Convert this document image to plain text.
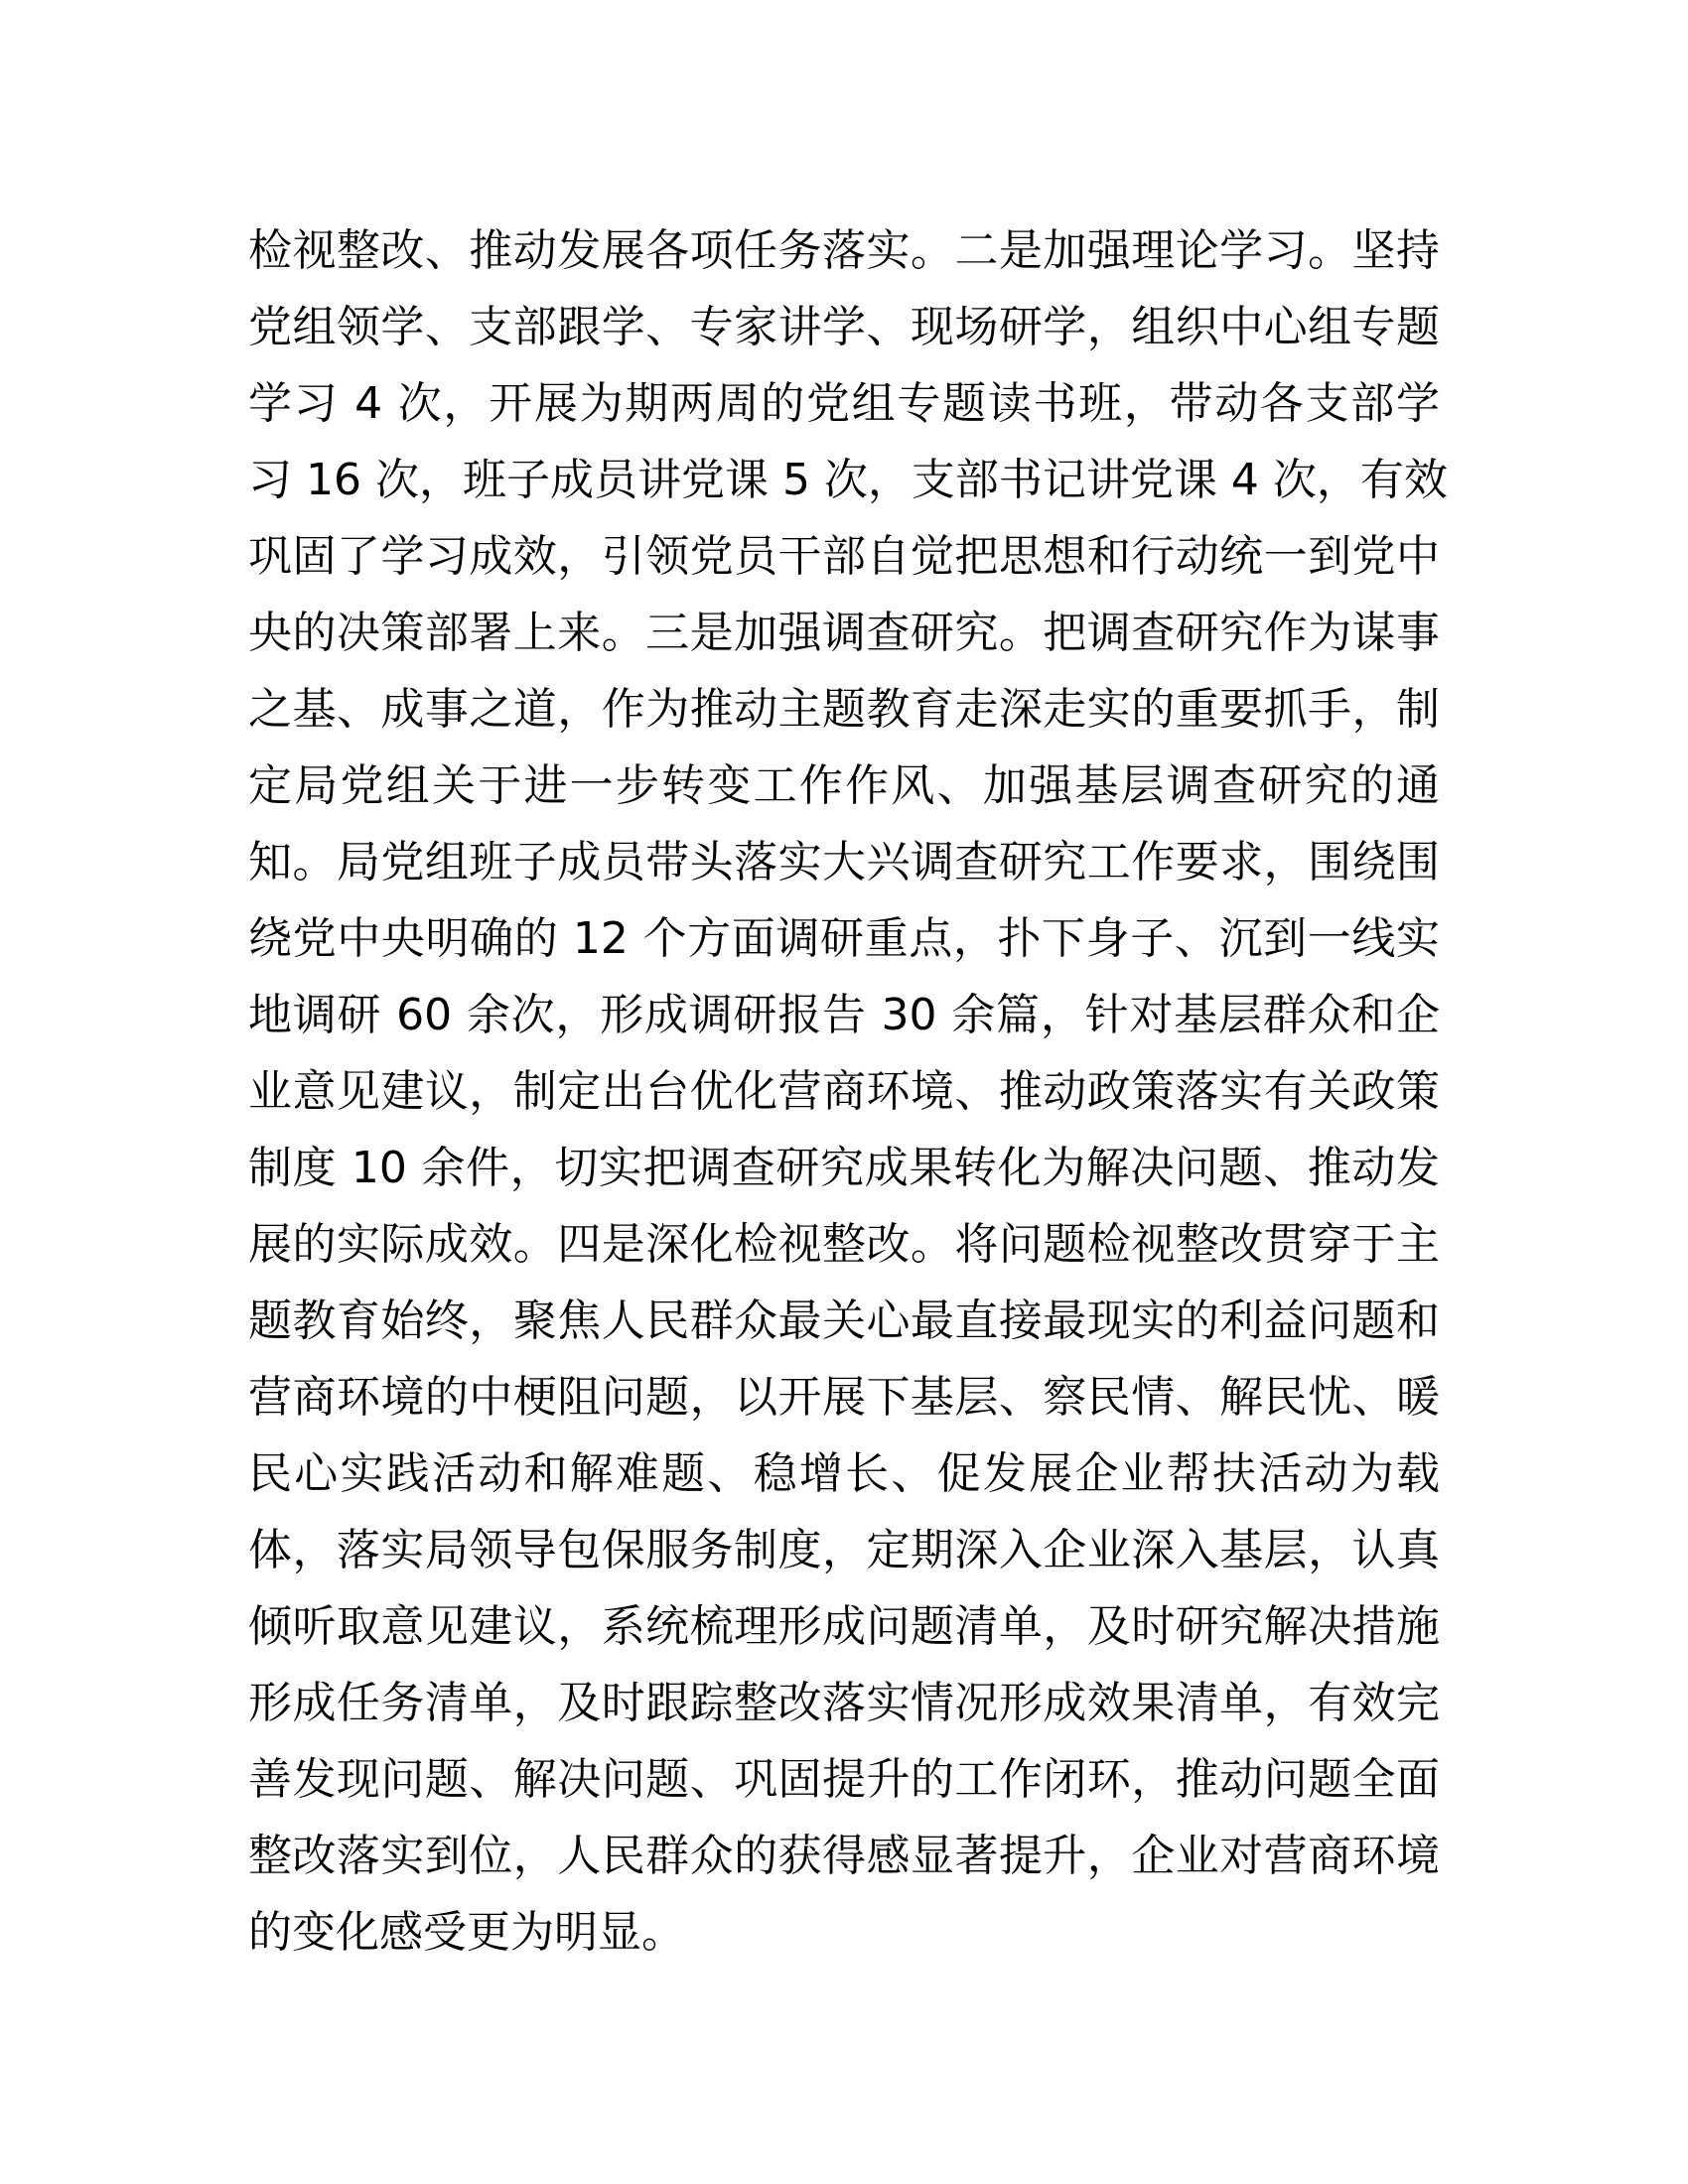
检视整改、推动发展各项任务落实。二是加强理论学习。坚持
党组领学、支部跟学、专家讲学、现场研学，组织中心组专题
学习 4 次，开展为期两周的党组专题读书班，带动各支部学
习 16 次，班子成员讲党课 5 次，支部书记讲党课 4 次，有效
巩固了学习成效，引领党员干部自觉把思想和行动统一到党中
央的决策部署上来。三是加强调查研究。把调查研究作为谋事
之基、成事之道，作为推动主题教育走深走实的重要抓手，制
定局党组关于进一步转变工作作风、加强基层调查研究的通
知。局党组班子成员带头落实大兴调查研究工作要求，围绕围
绕党中央明确的 12 个方面调研重点，扑下身子、沉到一线实
地调研 60 余次，形成调研报告 30 余篇，针对基层群众和企
业意见建议，制定出台优化营商环境、推动政策落实有关政策
制度 10 余件，切实把调查研究成果转化为解决问题、推动发
展的实际成效。四是深化检视整改。将问题检视整改贯穿于主
题教育始终，聚焦人民群众最关心最直接最现实的利益问题和
营商环境的中梗阻问题，以开展下基层、察民情、解民忧、暖
民心实践活动和解难题、稳增长、促发展企业帮扶活动为载
体，落实局领导包保服务制度，定期深入企业深入基层，认真
倾听取意见建议，系统梳理形成问题清单，及时研究解决措施
形成任务清单，及时跟踪整改落实情况形成效果清单，有效完
善发现问题、解决问题、巩固提升的工作闭环，推动问题全面
整改落实到位，人民群众的获得感显著提升，企业对营商环境
的变化感受更为明显。
